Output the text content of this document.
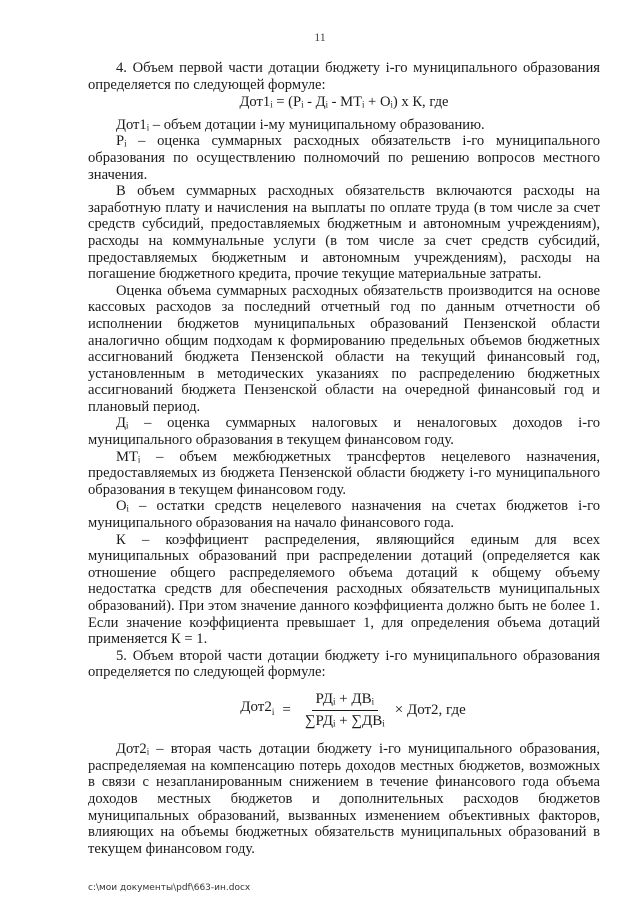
11

4. Объем первой части дотации бюджету i-го муниципального образования определяется по следующей формуле:

Дот1ᵢ = (Pᵢ - Дᵢ - МТᵢ + Оᵢ) х К, где

Дот1ᵢ – объем дотации i-му муниципальному образованию.

Pᵢ – оценка суммарных расходных обязательств i-го муниципального образования по осуществлению полномочий по решению вопросов местного значения.

В объем суммарных расходных обязательств включаются расходы на заработную плату и начисления на выплаты по оплате труда (в том числе за счет средств субсидий, предоставляемых бюджетным и автономным учреждениям), расходы на коммунальные услуги (в том числе за счет средств субсидий, предоставляемых бюджетным и автономным учреждениям), расходы на погашение бюджетного кредита, прочие текущие материальные затраты.

Оценка объема суммарных расходных обязательств производится на основе кассовых расходов за последний отчетный год по данным отчетности об исполнении бюджетов муниципальных образований Пензенской области аналогично общим подходам к формированию предельных объемов бюджетных ассигнований бюджета Пензенской области на текущий финансовый год, установленным в методических указаниях по распределению бюджетных ассигнований бюджета Пензенской области на очередной финансовый год и плановый период.

Дᵢ – оценка суммарных налоговых и неналоговых доходов i-го муниципального образования в текущем финансовом году.

МТᵢ – объем межбюджетных трансфертов нецелевого назначения, предоставляемых из бюджета Пензенской области бюджету i-го муниципального образования в текущем финансовом году.

Оᵢ – остатки средств нецелевого назначения на счетах бюджетов i-го муниципального образования на начало финансового года.

К – коэффициент распределения, являющийся единым для всех муниципальных образований при распределении дотаций (определяется как отношение общего распределяемого объема дотаций к общему объему недостатка средств для обеспечения расходных обязательств муниципальных образований). При этом значение данного коэффициента должно быть не более 1. Если значение коэффициента превышает 1, для определения объема дотаций применяется К = 1.

5. Объем второй части дотации бюджету i-го муниципального образования определяется по следующей формуле:

$Дот2_i = \frac{\text{РДᵢ + ДВᵢ}}{\text{∑РДᵢ + ∑ДВᵢ}} \times Дот2$, где

Дот2ᵢ – вторая часть дотации бюджету i-го муниципального образования, распределяемая на компенсацию потерь доходов местных бюджетов, возможных в связи с незапланированным снижением в течение финансового года объема доходов местных бюджетов и дополнительных расходов бюджетов муниципальных образований, вызванных изменением объективных факторов, влияющих на объемы бюджетных обязательств муниципальных образований в текущем финансовом году.

c:\мои документы\pdf\663-ин.docx
